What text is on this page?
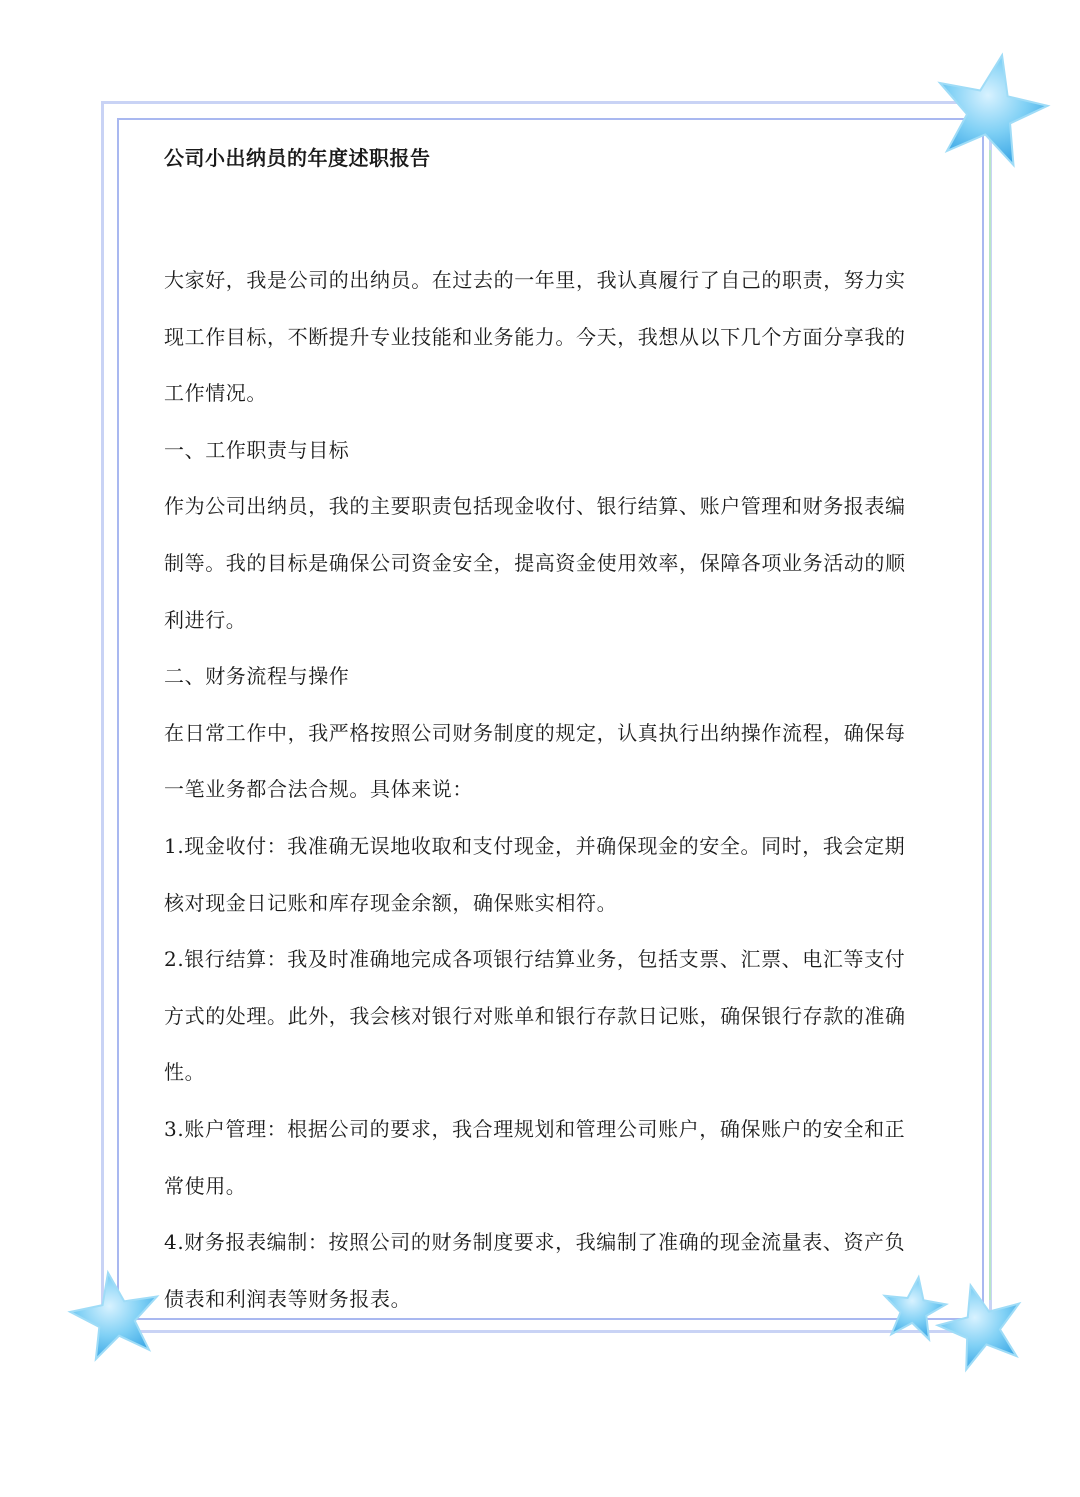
公司小出纳员的年度述职报告

大家好，我是公司的出纳员。在过去的一年里，我认真履行了自己的职责，努力实现工作目标，不断提升专业技能和业务能力。今天，我想从以下几个方面分享我的工作情况。

一、工作职责与目标

作为公司出纳员，我的主要职责包括现金收付、银行结算、账户管理和财务报表编制等。我的目标是确保公司资金安全，提高资金使用效率，保障各项业务活动的顺利进行。

二、财务流程与操作

在日常工作中，我严格按照公司财务制度的规定，认真执行出纳操作流程，确保每一笔业务都合法合规。具体来说：

1.现金收付：我准确无误地收取和支付现金，并确保现金的安全。同时，我会定期核对现金日记账和库存现金余额，确保账实相符。

2.银行结算：我及时准确地完成各项银行结算业务，包括支票、汇票、电汇等支付方式的处理。此外，我会核对银行对账单和银行存款日记账，确保银行存款的准确性。

3.账户管理：根据公司的要求，我合理规划和管理公司账户，确保账户的安全和正常使用。

4.财务报表编制：按照公司的财务制度要求，我编制了准确的现金流量表、资产负债表和利润表等财务报表。
